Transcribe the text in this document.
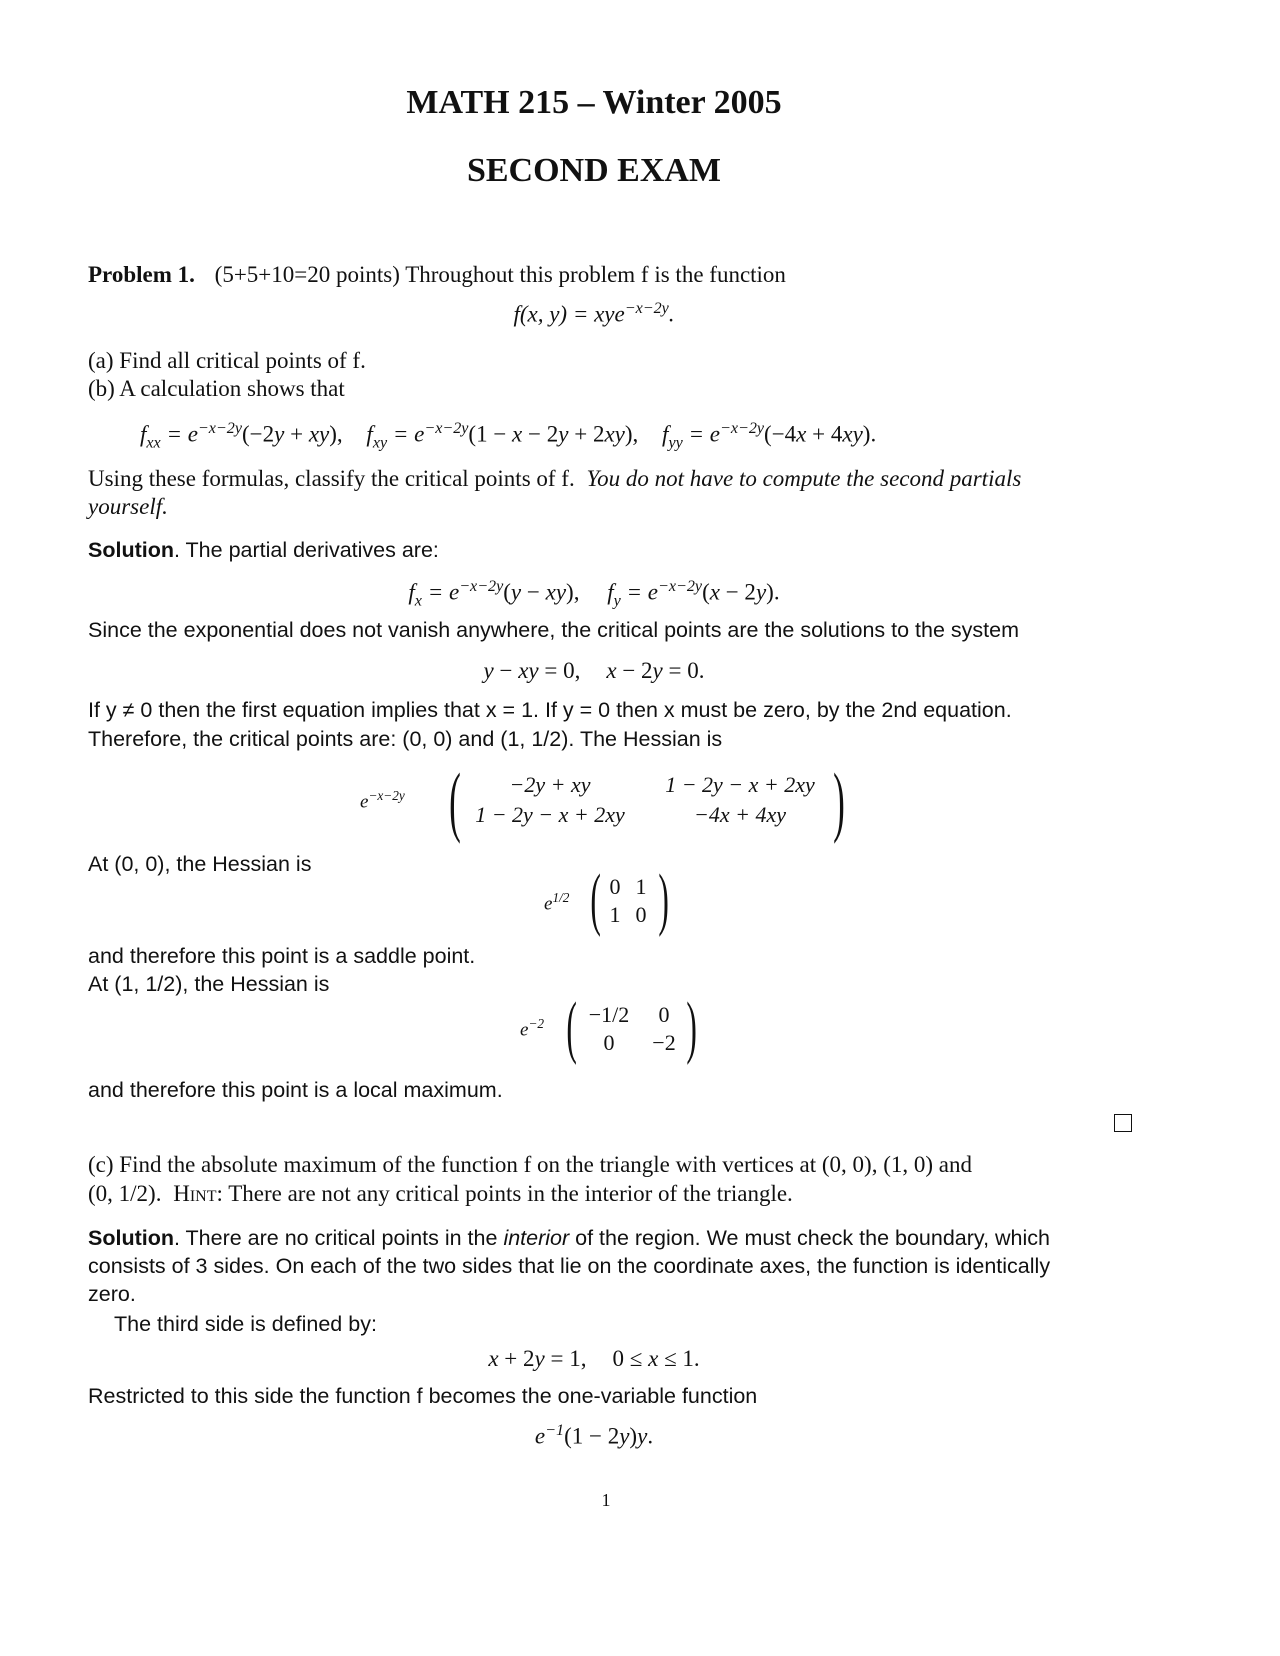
MATH 215 – Winter 2005
SECOND EXAM
Problem 1. (5+5+10=20 points) Throughout this problem f is the function
f(x, y) = xye$^{-x-2y}$.
(a) Find all critical points of f.
(b) A calculation shows that
$f_{xx} = e^{-x-2y}(-2y + xy)$, $f_{xy} = e^{-x-2y}(1 - x - 2y + 2xy)$, $f_{yy} = e^{-x-2y}(-4x + 4xy)$.
Using these formulas, classify the critical points of f. You do not have to compute the second partials
yourself.
Solution. The partial derivatives are:
$f_x = e^{-x-2y}(y - xy)$, $f_y = e^{-x-2y}(x - 2y)$.
Since the exponential does not vanish anywhere, the critical points are the solutions to the system
y − xy = 0, x − 2y = 0.
If y ≠ 0 then the first equation implies that x = 1. If y = 0 then x must be zero, by the 2nd equation.
Therefore, the critical points are: (0, 0) and (1, 1/2). The Hessian is
$e^{-x-2y}$ (	−2y + xy	1 − 2y − x + 2xy
1 − 2y − x + 2xy	−4x + 4xy )
At (0, 0), the Hessian is
$e^{1/2}$ ( 0 1
1 0 )
and therefore this point is a saddle point.
At (1, 1/2), the Hessian is
$e^{-2}$ ( −1/2	0
0	−2 )
and therefore this point is a local maximum.
(c) Find the absolute maximum of the function f on the triangle with vertices at (0, 0), (1, 0) and
(0, 1/2). Hint: There are not any critical points in the interior of the triangle.
Solution. There are no critical points in the interior of the region. We must check the boundary, which
consists of 3 sides. On each of the two sides that lie on the coordinate axes, the function is identically
zero.
The third side is defined by:
x + 2y = 1, 0 ≤ x ≤ 1.
Restricted to this side the function f becomes the one-variable function
$e^{-1}(1 - 2y)y$.
1
